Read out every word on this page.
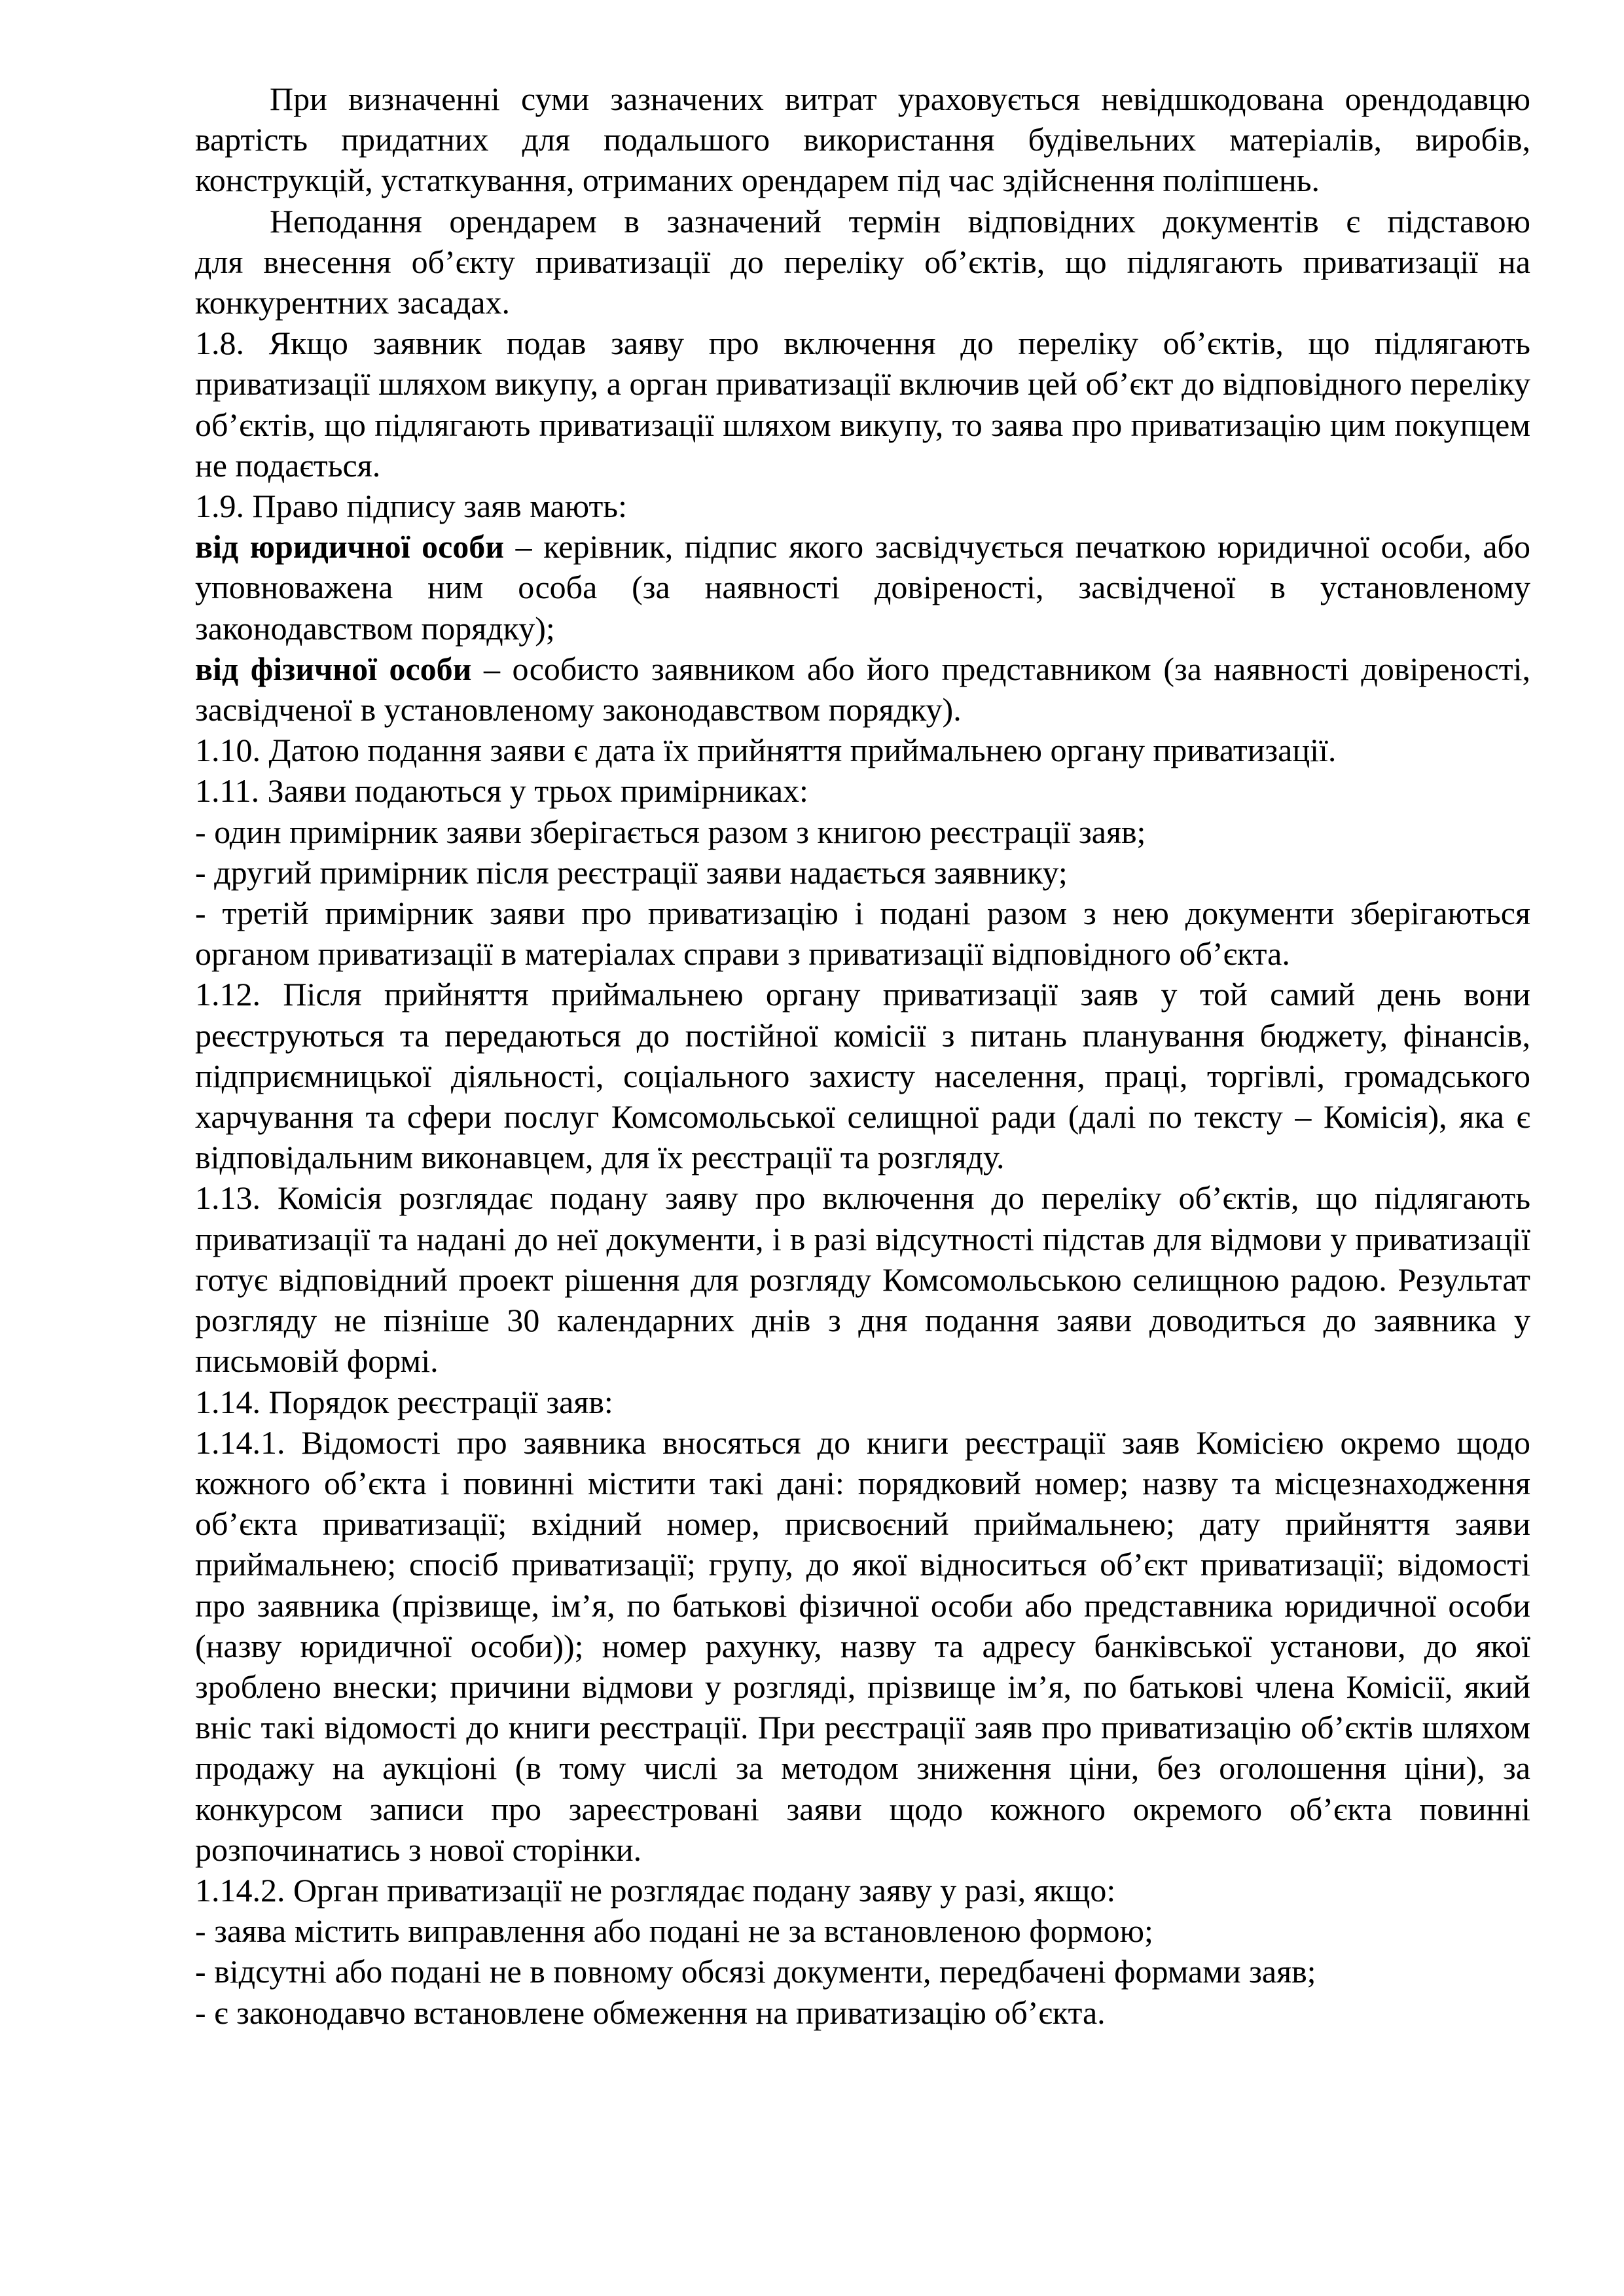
При визначенні суми зазначених витрат ураховується невідшкодована орендодавцю вартість придатних для подальшого використання будівельних матеріалів, виробів, конструкцій, устаткування, отриманих орендарем під час здійснення поліпшень.

Неподання орендарем в зазначений термін відповідних документів є підставою

для внесення об’єкту приватизації до переліку об’єктів, що підлягають приватизації на конкурентних засадах.

1.8. Якщо заявник подав заяву про включення до переліку об’єктів, що підлягають приватизації шляхом викупу, а орган приватизації включив цей об’єкт до відповідного переліку об’єктів, що підлягають приватизації шляхом викупу, то заява про приватизацію цим покупцем не подається.

1.9. Право підпису заяв мають:

від юридичної особи – керівник, підпис якого засвідчується печаткою юридичної особи, або уповноважена ним особа (за наявності довіреності, засвідченої в установленому законодавством порядку);

від фізичної особи – особисто заявником або його представником (за наявності довіреності, засвідченої в установленому законодавством порядку).

1.10. Датою подання заяви є дата їх прийняття приймальнею органу приватизації.

1.11. Заяви подаються у трьох примірниках:

- один примірник заяви зберігається разом з книгою реєстрації заяв;

- другий примірник після реєстрації заяви надається заявнику;

- третій примірник заяви про приватизацію і подані разом з нею документи зберігаються органом приватизації в матеріалах справи з приватизації відповідного об’єкта.

1.12. Після прийняття приймальнею органу приватизації заяв у той самий день вони реєструються та передаються до постійної комісії з питань планування бюджету, фінансів, підприємницької діяльності, соціального захисту населення, праці, торгівлі, громадського харчування та сфери послуг Комсомольської селищної ради (далі по тексту – Комісія), яка є відповідальним виконавцем, для їх реєстрації та розгляду.

1.13. Комісія розглядає подану заяву про включення до переліку об’єктів, що підлягають приватизації та надані до неї документи, і в разі відсутності підстав для відмови у приватизації готує відповідний проект рішення для розгляду Комсомольською селищною радою. Результат розгляду не пізніше 30 календарних днів з дня подання заяви доводиться до заявника у письмовій формі.

1.14. Порядок реєстрації заяв:

1.14.1. Відомості про заявника вносяться до книги реєстрації заяв Комісією окремо щодо кожного об’єкта і повинні містити такі дані: порядковий номер; назву та місцезнаходження об’єкта приватизації; вхідний номер, присвоєний приймальнею; дату прийняття заяви приймальнею; спосіб приватизації; групу, до якої відноситься об’єкт приватизації; відомості про заявника (прізвище, ім’я, по батькові фізичної особи або представника юридичної особи (назву юридичної особи)); номер рахунку, назву та адресу банківської установи, до якої зроблено внески; причини відмови у розгляді, прізвище ім’я, по батькові члена Комісії, який вніс такі відомості до книги реєстрації. При реєстрації заяв про приватизацію об’єктів шляхом продажу на аукціоні (в тому числі за методом зниження ціни, без оголошення ціни), за конкурсом записи про зареєстровані заяви щодо кожного окремого об’єкта повинні розпочинатись з нової сторінки.

1.14.2. Орган приватизації не розглядає подану заяву у разі, якщо:

- заява містить виправлення або подані не за встановленою формою;

- відсутні або подані не в повному обсязі документи, передбачені формами заяв;

- є законодавчо встановлене обмеження на приватизацію об’єкта.
